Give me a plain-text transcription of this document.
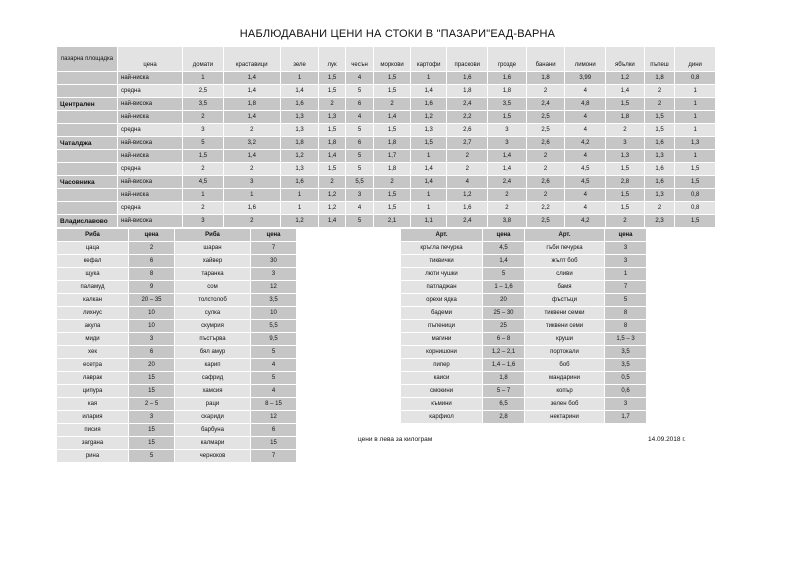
НАБЛЮДАВАНИ ЦЕНИ НА СТОКИ В "ПАЗАРИ"ЕАД-ВАРНА
пазарна площадка	цена	домати	краставици	зеле	лук	чесън	моркови	картофи	праскови	грозде	банани	лимони	ябълки	пъпеш	дини
	най-ниска	1	1,4	1	1,5	4	1,5	1	1,6	1,6	1,8	3,99	1,2	1,8	0,8
	средна	2,5	1,4	1,4	1,5	5	1,5	1,4	1,8	1,8	2	4	1,4	2	1
Централен	най-висока	3,5	1,8	1,6	2	6	2	1,6	2,4	3,5	2,4	4,8	1,5	2	1
	най-ниска	2	1,4	1,3	1,3	4	1,4	1,2	2,2	1,5	2,5	4	1,8	1,5	1
	средна	3	2	1,3	1,5	5	1,5	1,3	2,6	3	2,5	4	2	1,5	1
Чаталджа	най-висока	5	3,2	1,8	1,8	6	1,8	1,5	2,7	3	2,6	4,2	3	1,6	1,3
	най-ниска	1,5	1,4	1,2	1,4	5	1,7	1	2	1,4	2	4	1,3	1,3	1
	средна	2	2	1,3	1,5	5	1,8	1,4	2	1,4	2	4,5	1,5	1,6	1,5
Часовника	най-висока	4,5	3	1,6	2	5,5	2	1,4	4	2,4	2,6	4,5	2,8	1,6	1,5
	най-ниска	1	1	1	1,2	3	1,5	1	1,2	2	2	4	1,5	1,3	0,8
	средна	2	1,6	1	1,2	4	1,5	1	1,6	2	2,2	4	1,5	2	0,8
Владиславово	най-висока	3	2	1,2	1,4	5	2,1	1,1	2,4	3,8	2,5	4,2	2	2,3	1,5
Риба	цена	Риба	цена
цаца	2	шаран	7
кефал	6	хайвер	30
щука	8	таранка	3
паламуд	9	сом	12
калкан	20 – 35	толстолоб	3,5
лихнус	10	сулка	10
акула	10	скумрия	5,5
миди	3	пъстърва	9,5
хек	6	бял амур	5
есетра	20	карип	4
лаврак	15	сафрид	5
ципура	15	хамсия	4
кая	2 – 5	раци	8 – 15
илария	3	скариди	12
писия	15	барбуна	6
зargана	15	калмари	15
рина	5	черноков	7
Арт.	цена	Арт.	цена
кръгла печурка	4,5	гъби печурка	3
тиквички	1,4	жълт боб	3
люти чушки	5	сливи	1
патладжан	1 – 1,6	бамя	7
орехи ядка	20	фъстъци	5
бадеми	25 – 30	тиквени семки	8
пъпеници	25	тиквени семи	8
магини	6 – 8	круши	1,5 – 3
корнишони	1,2 – 2,1	портокали	3,5
пипер	1,4 – 1,6	боб	3,5
каиси	1,8	мандарини	0,5
смокини	5 – 7	копър	0,6
къмини	6,5	зелен боб	3
карфиол	2,8	нектарини	1,7
цени в лева за килограм	14.09.2018 г.
